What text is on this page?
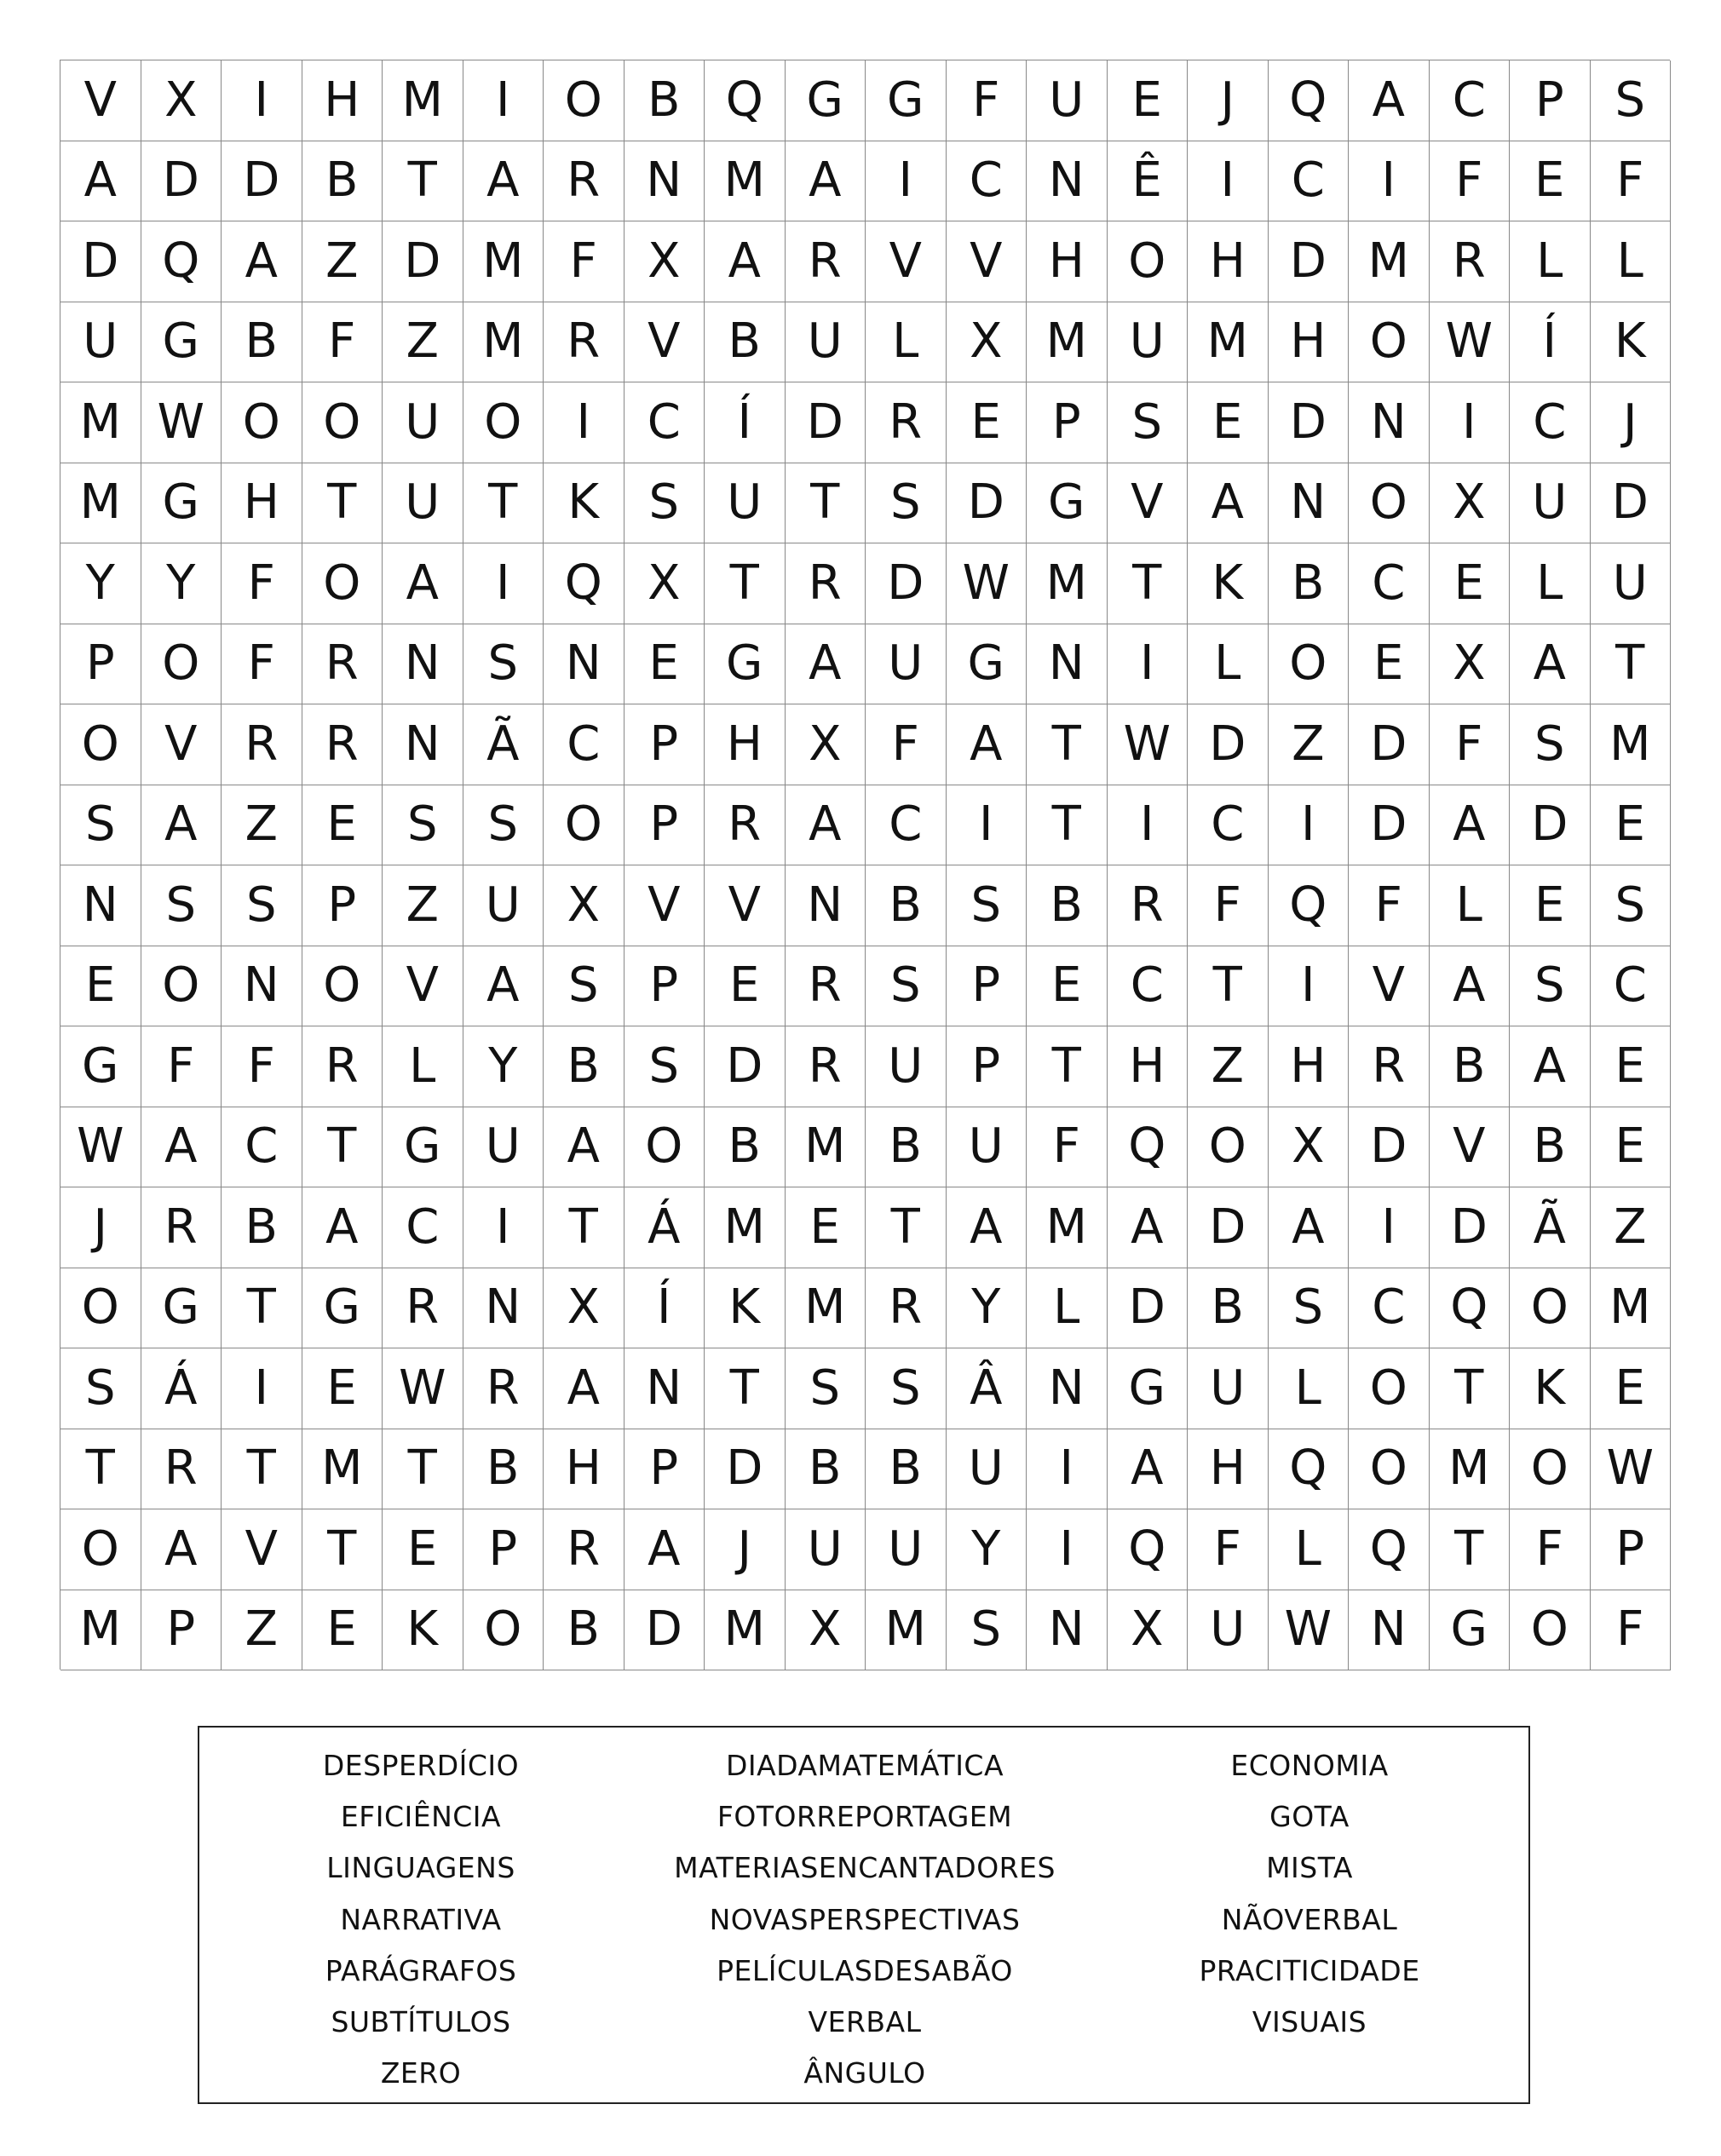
V	X	I	H M	I	O B Q G G	F	U	E	J	Q A C	P	S
A D D B	T	A R N M A	I	C N Ê	I	C	I	F	E	F
D Q A	Z D M F	X	A R V	V H O H D M R	L	L
U G B	F	Z M R V	B U	L	X M U M H O W	Í	K
M W O O U O	I	C	Í	D R	E	P	S	E D N	I	C	J
M G H	T	U	T	K	S	U	T	S D G V	A N O X U D
Y	Y	F	O A	I	Q X	T	R D W M T	K	B C	E	L	U
P O	F	R N S N E G A U G N	I	L	O E	X	A	T
O V R R N Ã C	P	H X	F	A	T W D Z D	F	S M
S	A	Z	E	S	S O P	R A C	I	T	I	C	I	D A D E
N S	S	P	Z U X	V	V N B	S	B R	F	Q	F	L	E	S
E O N O V	A	S	P	E	R	S	P	E	C	T	I	V	A	S	C
G	F	F	R	L	Y	B	S D R U	P	T	H Z H R B	A	E
W A C	T G U A O B M B U	F	Q O X D V	B	E
J	R B	A C	I	T	Á M E	T	A M A D A	I	D Ã	Z
O G T G R N X	Í	K M R	Y	L	D B	S	C Q O M
S	Á	I	E W R A N	T	S	S	Â N G U	L	O T	K	E
T	R	T M T	B H	P	D B	B U	I	A H Q O M O W
O A	V	T	E	P	R A	J	U U	Y	I	Q	F	L	Q T	F	P
M P	Z	E	K O B D M X M S N X U W N G O	F
DESPERDÍCIO	DIADAMATEMÁTICA	ECONOMIA
EFICIÊNCIA	FOTORREPORTAGEM	GOTA
LINGUAGENS	MATERIASENCANTADORES	MISTA
NARRATIVA	NOVASPERSPECTIVAS	NÃOVERBAL
PARÁGRAFOS	PELÍCULASDESABÃO	PRACITICIDADE
SUBTÍTULOS	VERBAL	VISUAIS
ZERO	ÂNGULO
